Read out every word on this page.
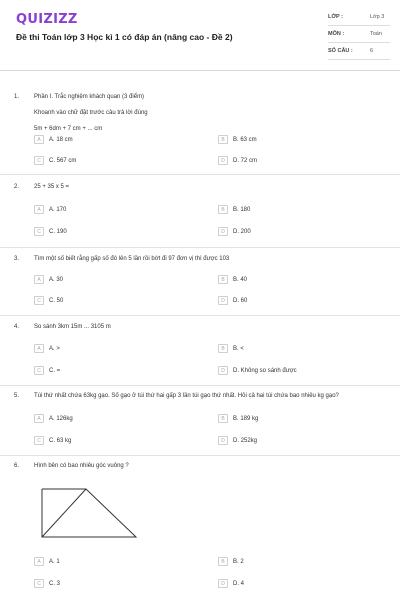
QUIZIZZ
Đề thi Toán lớp 3 Học kì 1 có đáp án (nâng cao - Đề 2)
LỚP :	Lớp 3
MÔN :	Toán
SỐ CÂU :	6
1. Phần I. Trắc nghiệm khách quan (3 điểm)
Khoanh vào chữ đặt trước câu trả lời đúng
5m + 6dm + 7 cm + ... cm
A	A. 18 cm	B	B. 63 cm
C	C. 567 cm	D	D. 72 cm
2. 25 + 35 x 5 =
A	A. 170	B	B. 180
C	C. 190	D	D. 200
3. Tìm một số biết rằng gấp số đó lên 5 lần rồi bớt đi 97 đơn vị thì được 103
A	A. 30	B	B. 40
C	C. 50	D	D. 60
4. So sánh 3km 15m ... 3105 m
A	A. >	B	B. <
C	C. =	D	D. Không so sánh được
5. Túi thứ nhất chứa 63kg gạo. Số gạo ở túi thứ hai gấp 3 lần túi gạo thứ nhất. Hỏi cả hai túi chứa bao nhiêu kg gạo?
A	A. 126kg	B	B. 189 kg
C	C. 63 kg	D	D. 252kg
6. Hình bên có bao nhiêu góc vuông ?
A	A. 1	B	B. 2
C	C. 3	D	D. 4
